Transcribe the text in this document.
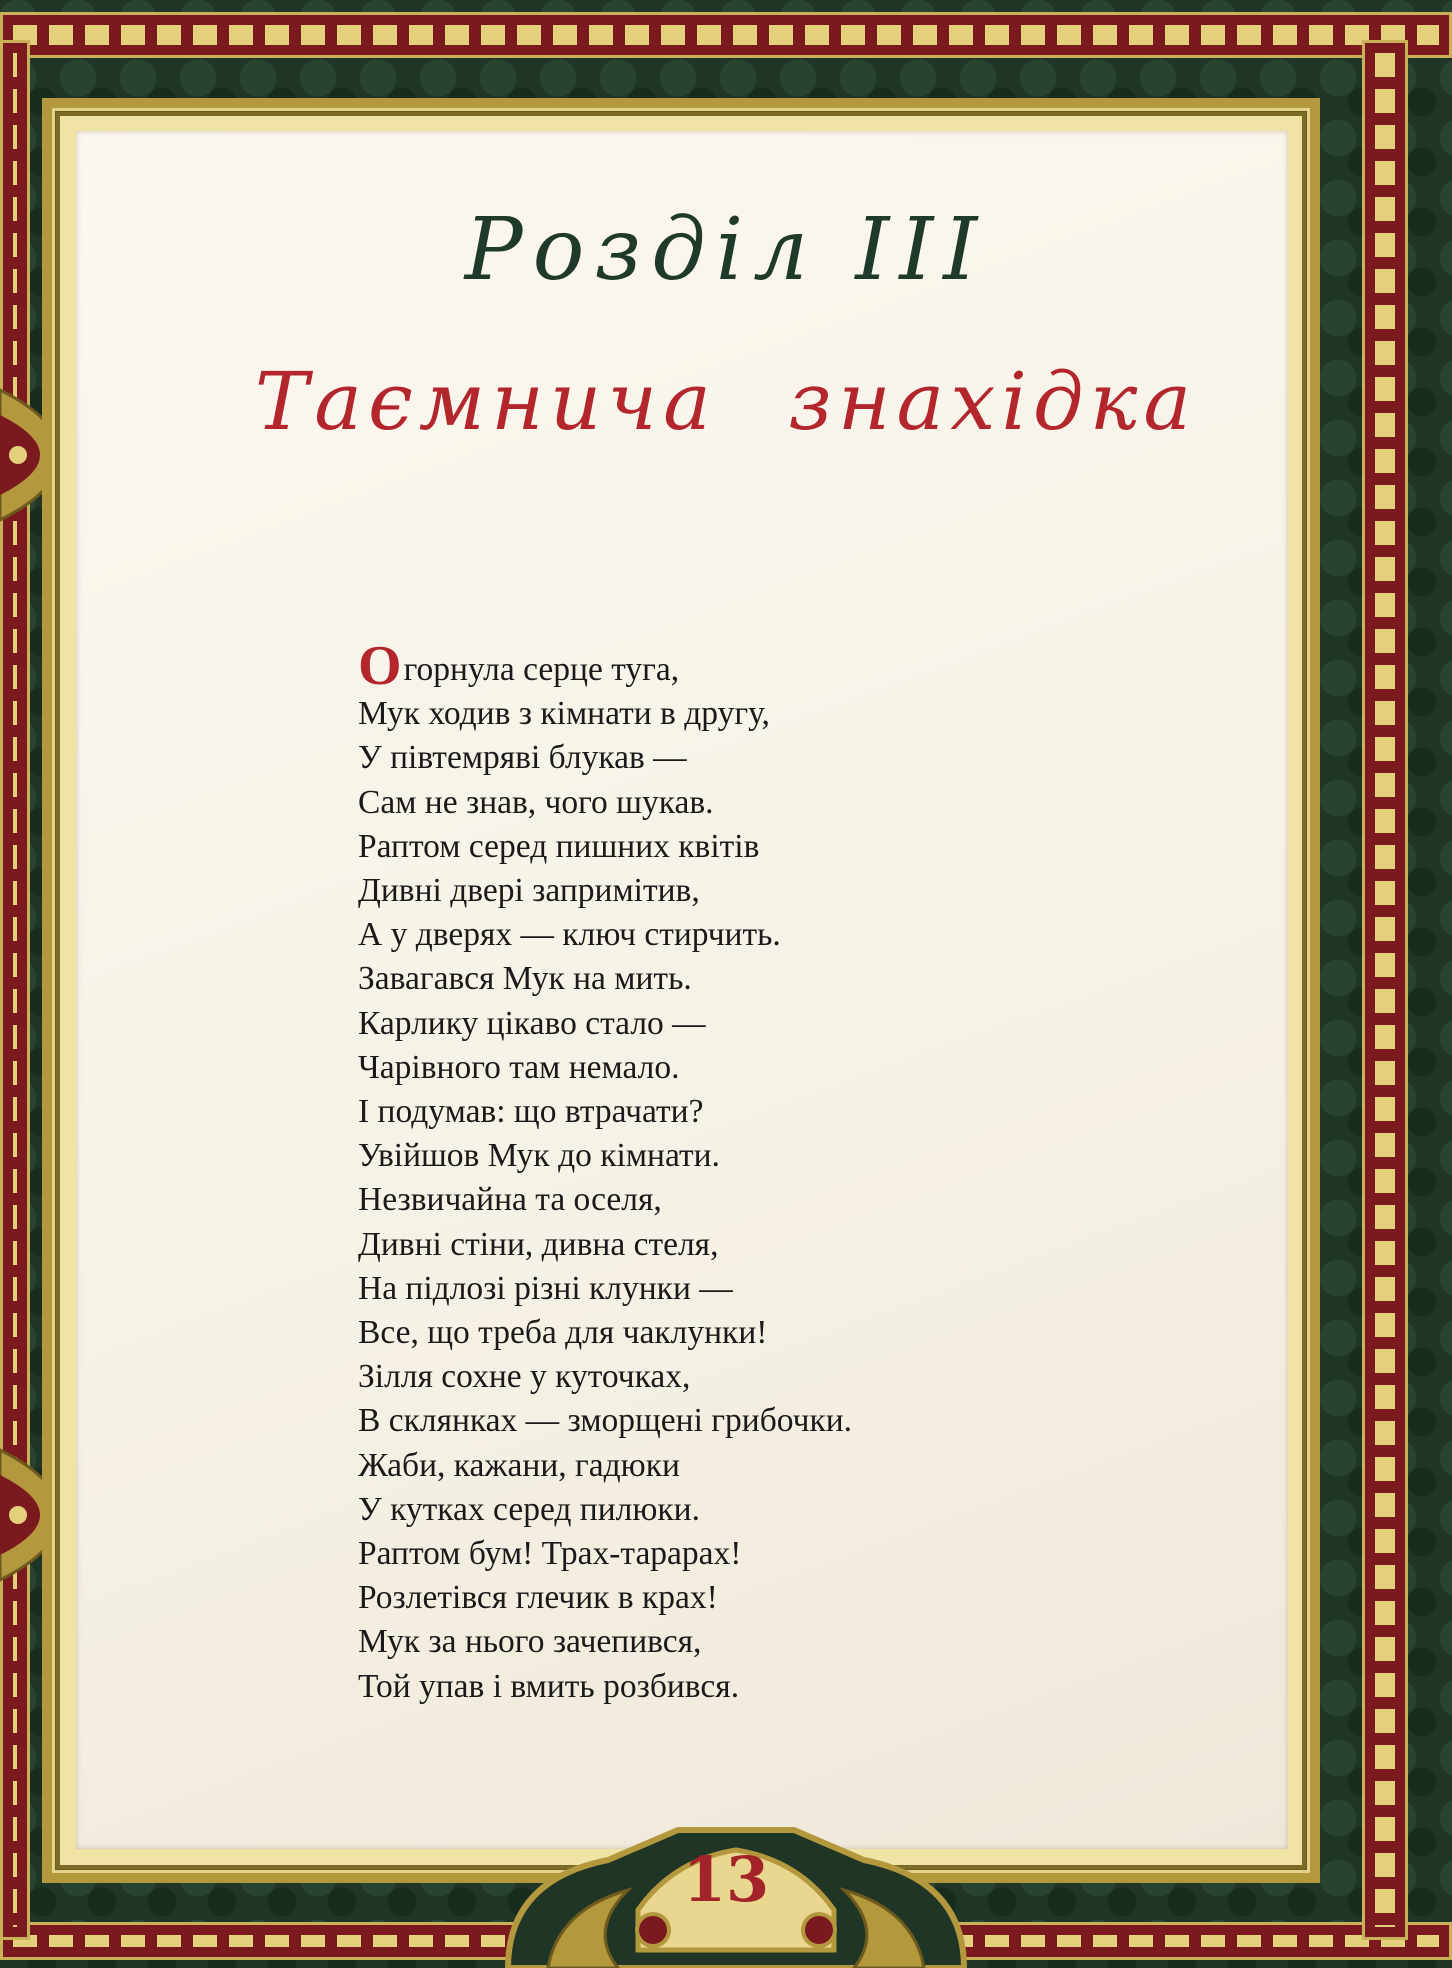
Розділ III
Таємнича знахідка
Огорнула серце туга,
Мук ходив з кімнати в другу,
У півтемряві блукав —
Сам не знав, чого шукав.
Раптом серед пишних квітів
Дивні двері запримітив,
А у дверях — ключ стирчить.
Завагався Мук на мить.
Карлику цікаво стало —
Чарівного там немало.
І подумав: що втрачати?
Увійшов Мук до кімнати.
Незвичайна та оселя,
Дивні стіни, дивна стеля,
На підлозі різні клунки —
Все, що треба для чаклунки!
Зілля сохне у куточках,
В склянках — зморщені грибочки.
Жаби, кажани, гадюки
У кутках серед пилюки.
Раптом бум! Трах-тарарах!
Розлетівся глечик в крах!
Мук за нього зачепився,
Той упав і вмить розбився.
13
